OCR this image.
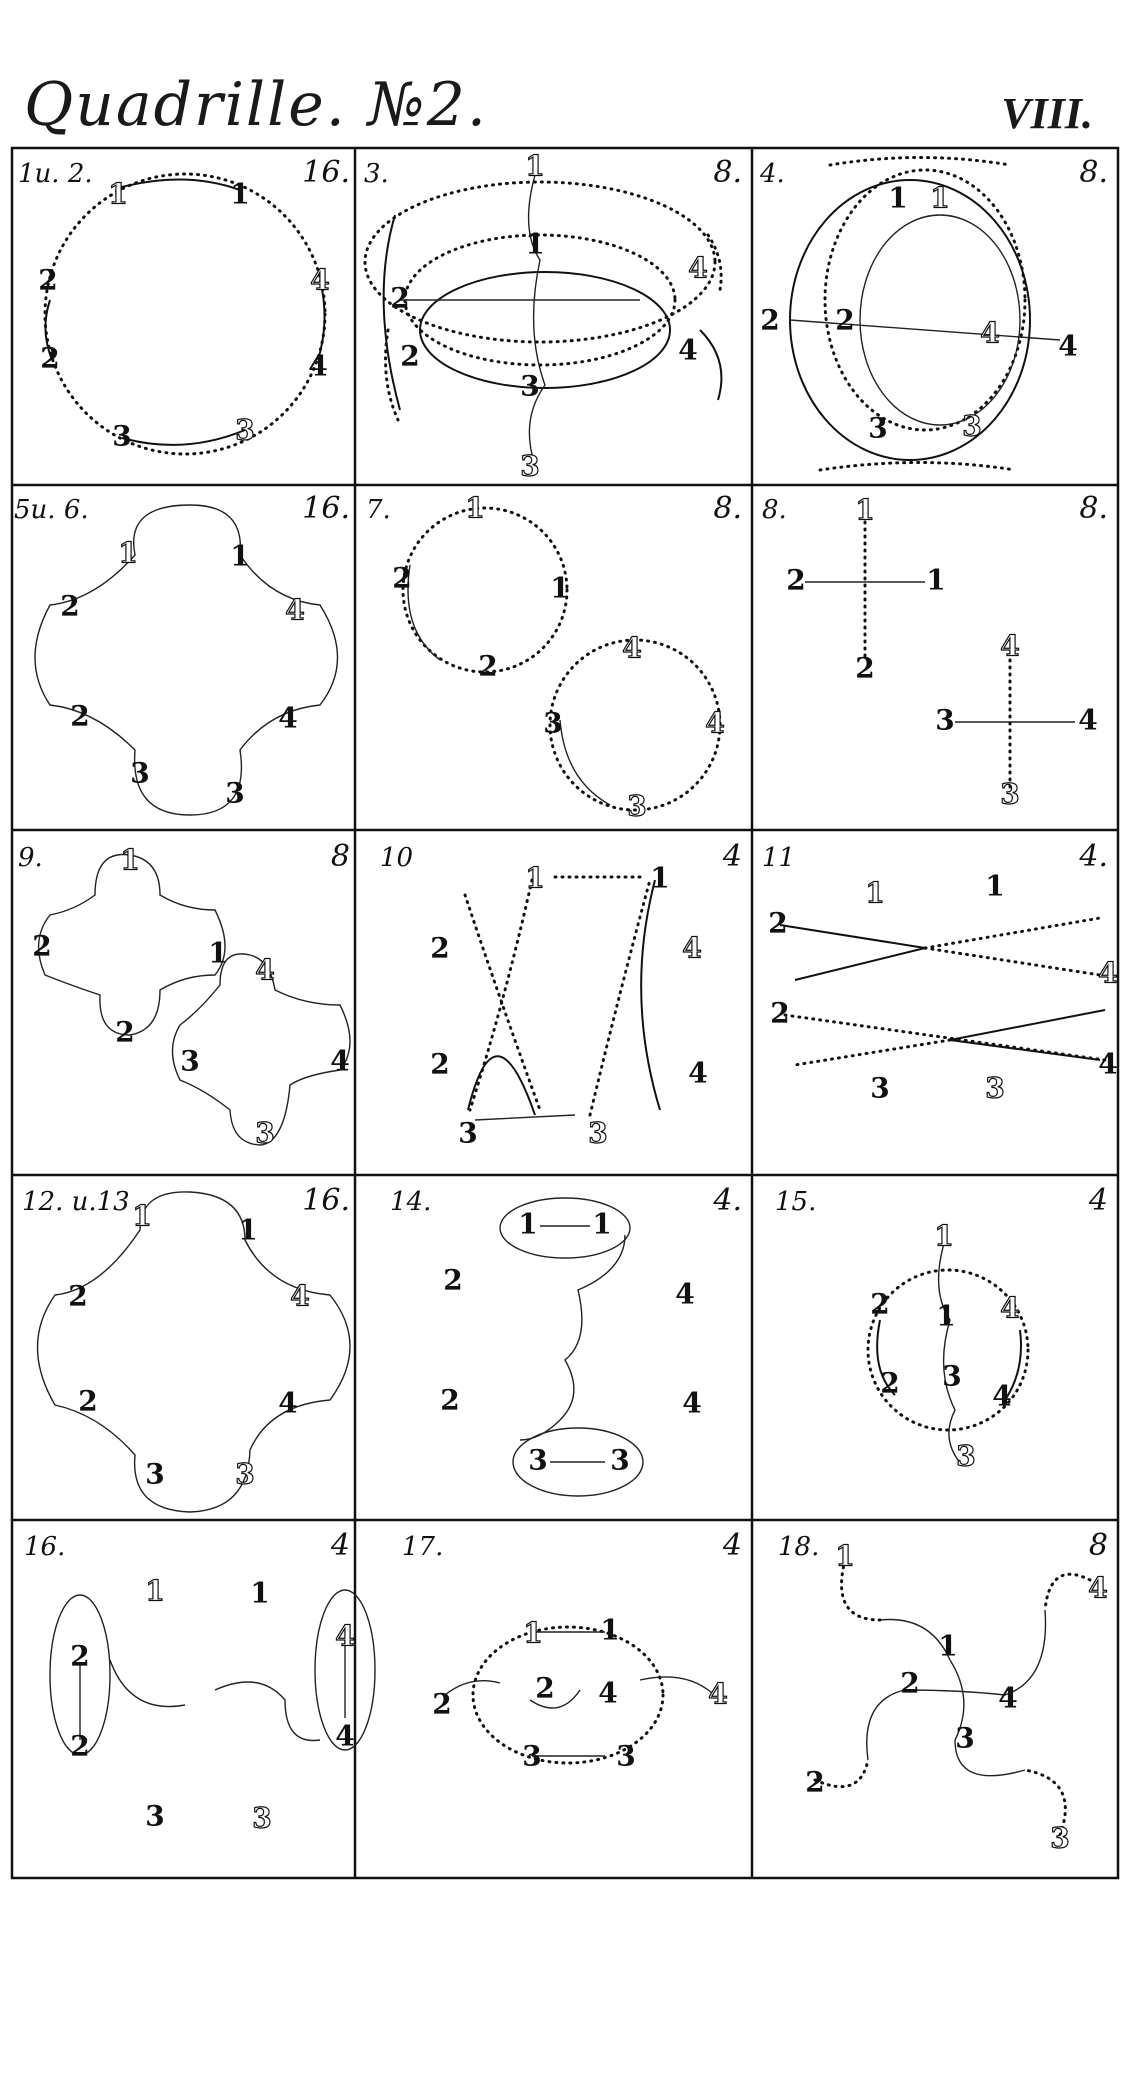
Quadrille. №2.	VIII.
1u. 2.	16.
1	1
2
2
3	3
4
4
3.	8.
1
1
2
2
3
3
4
4
4.	8.
1 1
2 2
3	3
4 4
5u. 6.	16.
1	1
2
2
3
3
4
4
7.	8.
1
1
2
2
3
3
4
4
8.	8.
1
1
2
2
3
3
4
4
9.	8
1
1
2
2
3
3
4
4
10	4
1	1
2
2
3	3
4
4
11	4.
1	1
2
2
3	3
4
4
12. u.13	16.
1	1
2
2
3	3
4
4
14.	4.
1 1
2
2
3 3
4
4
15.	4
1
1
2
2 3
3
4
4
16.	4
1	1
2
2
3	3
4
4
17.	4
1 1
2	2
3	3
4	4
18.	8
1
1
2
2
3
3
4
4
